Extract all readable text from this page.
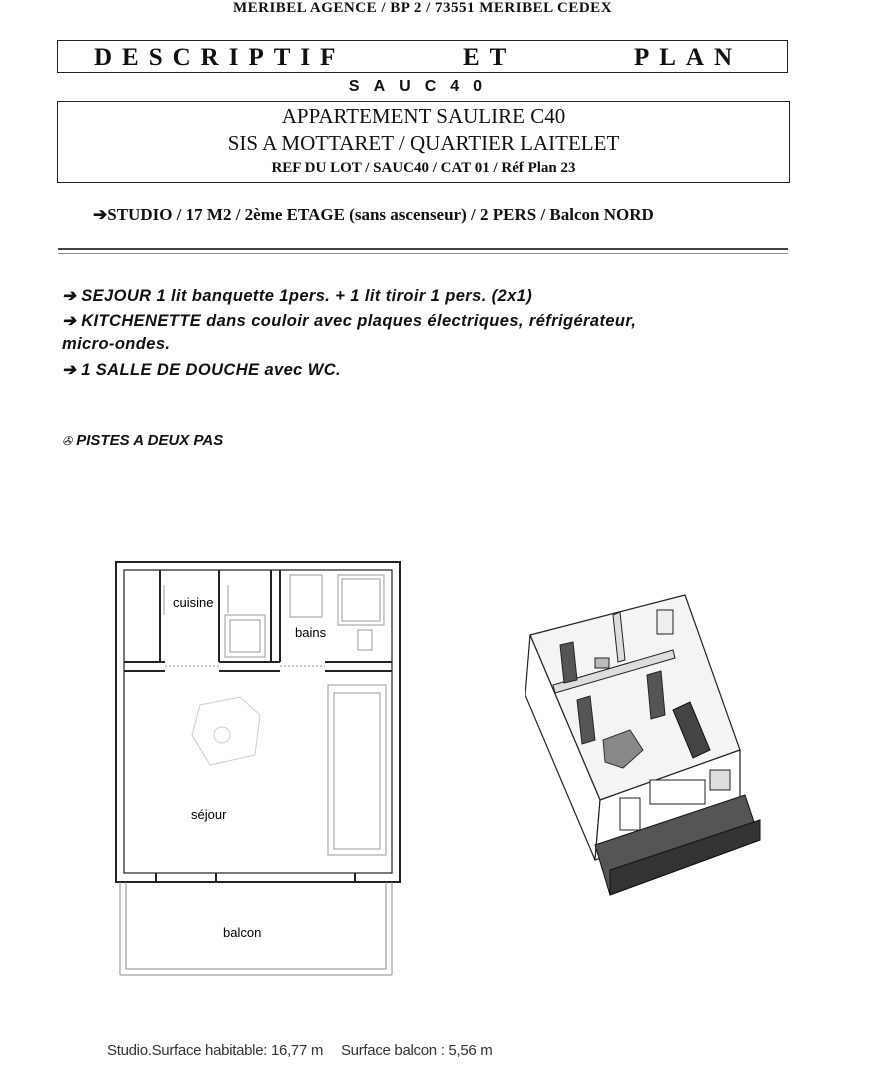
MERIBEL AGENCE / BP 2 / 73551 MERIBEL CEDEX
DESCRIPTIF	ET	PLAN
SAUC40
APPARTEMENT SAULIRE C40
SIS A MOTTARET / QUARTIER LAITELET
REF DU LOT / SAUC40 / CAT 01 / Réf Plan 23
➔STUDIO / 17 M2 / 2ème ETAGE (sans ascenseur) / 2 PERS / Balcon NORD
➔ SEJOUR 1 lit banquette 1pers. + 1 lit tiroir 1 pers. (2x1)
➔ KITCHENETTE dans couloir avec plaques électriques, réfrigérateur,
micro-ondes.
➔ 1 SALLE DE DOUCHE avec WC.
✇ PISTES A DEUX PAS
cuisine
bains
séjour
balcon
Studio.Surface habitable: 16,77 m Surface balcon : 5,56 m
